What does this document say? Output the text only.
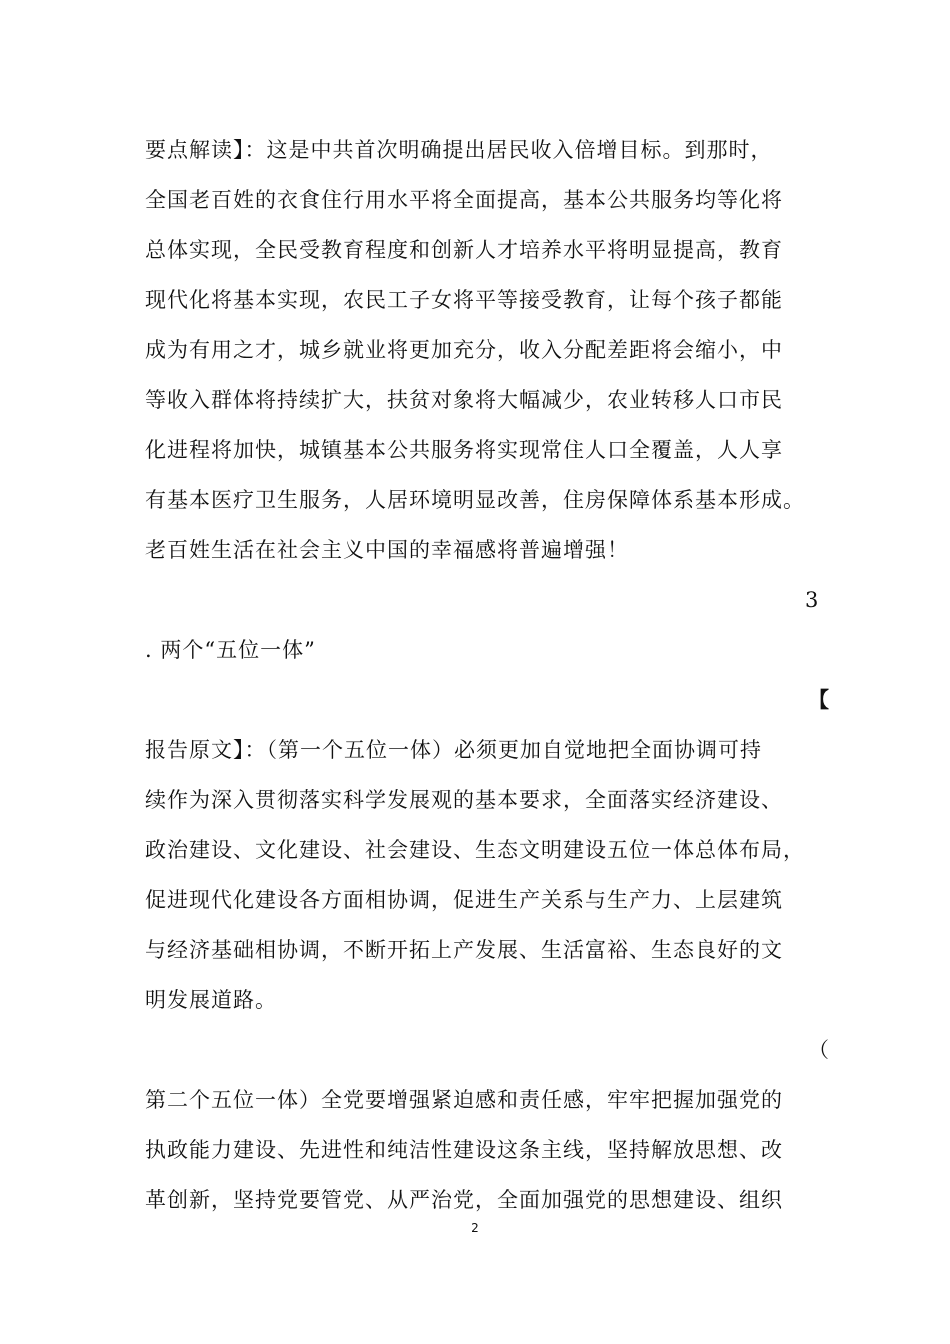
要点解读】：这是中共首次明确提出居民收入倍增目标。到那时，
全国老百姓的衣食住行用水平将全面提高，基本公共服务均等化将
总体实现，全民受教育程度和创新人才培养水平将明显提高，教育
现代化将基本实现，农民工子女将平等接受教育，让每个孩子都能
成为有用之才，城乡就业将更加充分，收入分配差距将会缩小，中
等收入群体将持续扩大，扶贫对象将大幅减少，农业转移人口市民
化进程将加快，城镇基本公共服务将实现常住人口全覆盖，人人享
有基本医疗卫生服务，人居环境明显改善，住房保障体系基本形成。
老百姓生活在社会主义中国的幸福感将普遍增强！
3
. 两个“五位一体”
【
报告原文】：（第一个五位一体）必须更加自觉地把全面协调可持
续作为深入贯彻落实科学发展观的基本要求，全面落实经济建设、
政治建设、文化建设、社会建设、生态文明建设五位一体总体布局，
促进现代化建设各方面相协调，促进生产关系与生产力、上层建筑
与经济基础相协调，不断开拓上产发展、生活富裕、生态良好的文
明发展道路。
（
第二个五位一体）全党要增强紧迫感和责任感，牢牢把握加强党的
执政能力建设、先进性和纯洁性建设这条主线，坚持解放思想、改
革创新，坚持党要管党、从严治党，全面加强党的思想建设、组织
2
